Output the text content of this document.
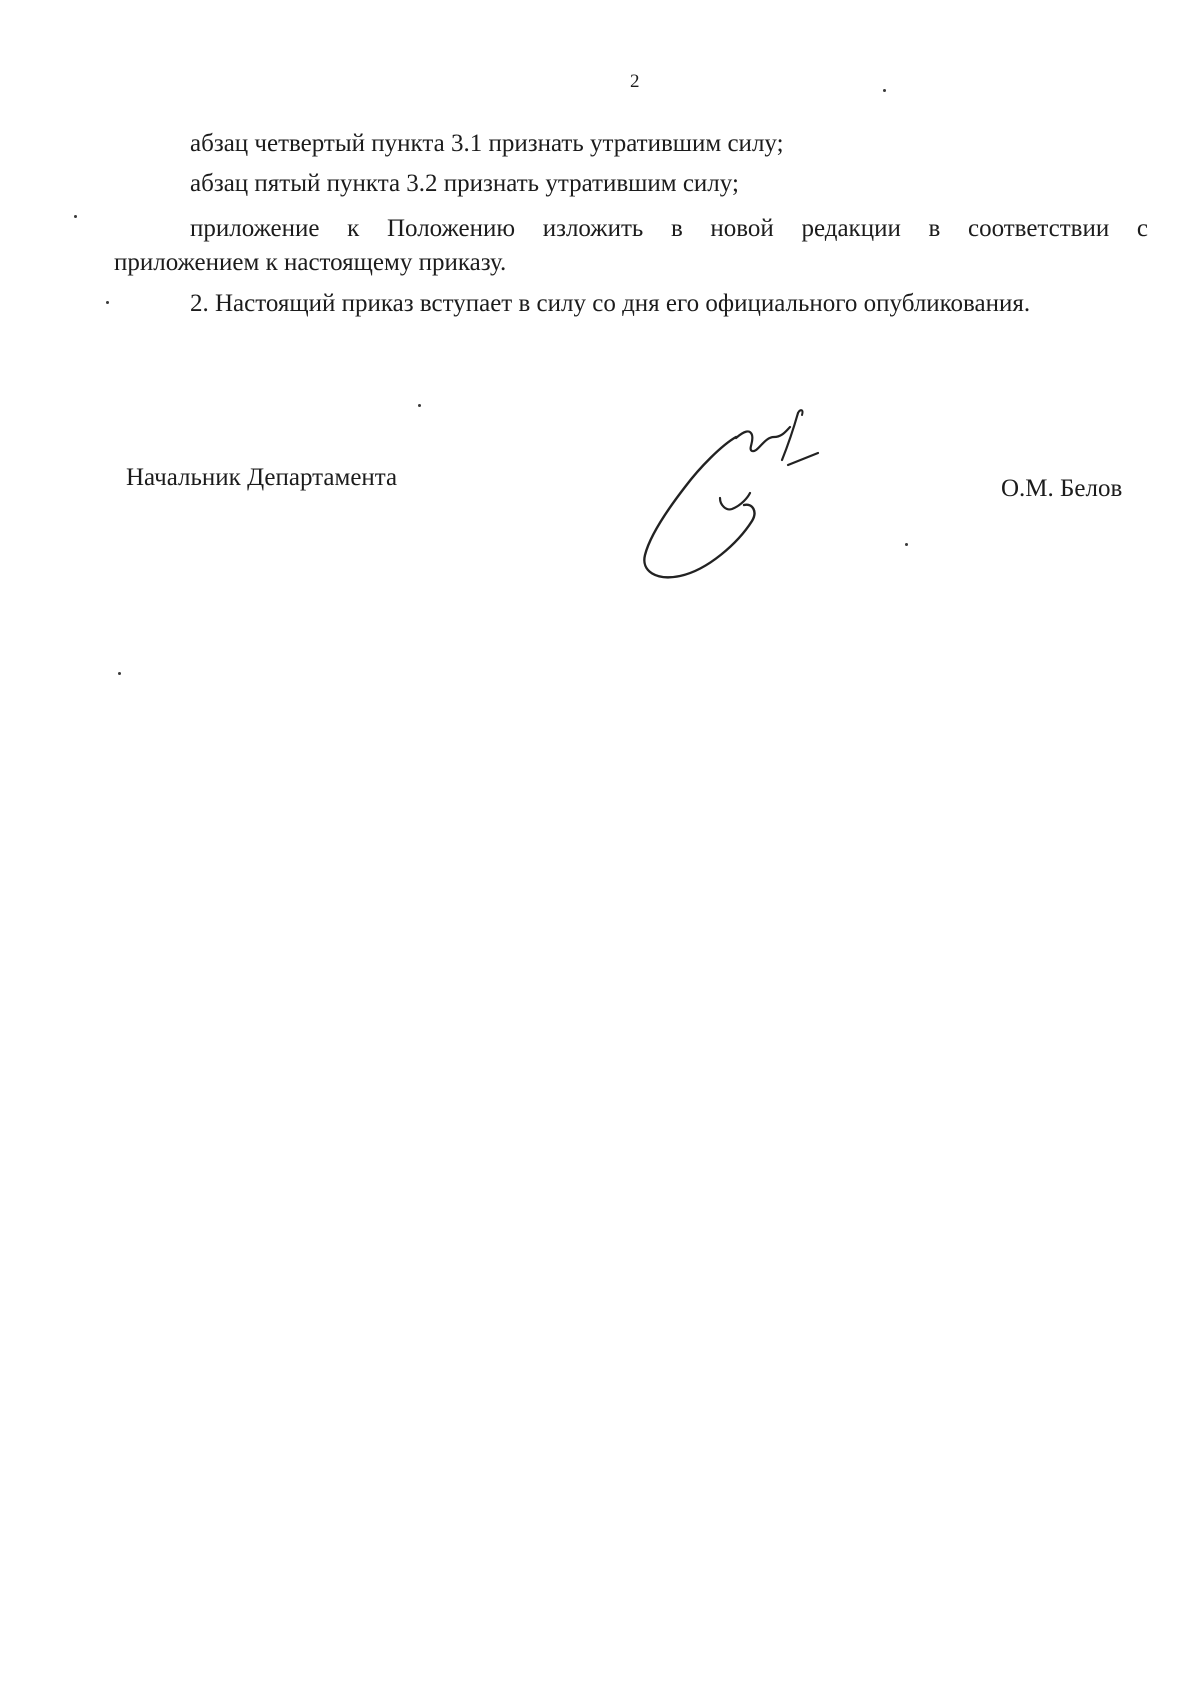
2
абзац четвертый пункта 3.1 признать утратившим силу;
абзац пятый пункта 3.2 признать утратившим силу;
приложение к Положению изложить в новой редакции в соответствии с
приложением к настоящему приказу.
2. Настоящий приказ вступает в силу со дня его официального опубликования.
Начальник Департамента	О.М. Белов
